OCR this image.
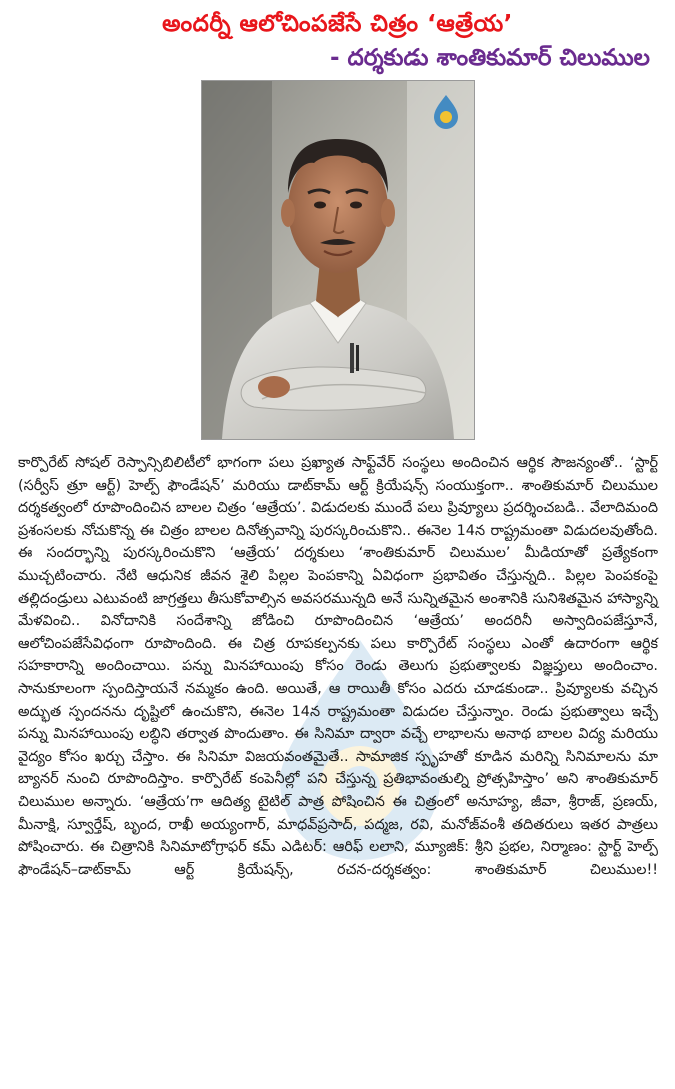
అందర్నీ ఆలోచింపజేసే చిత్రం ‘ఆత్రేయ’
- దర్శకుడు శాంతికుమార్ చిలుముల

కార్పొరేట్ సోషల్ రెస్పాన్సిబిలిటీలో భాగంగా పలు ప్రఖ్యాత సాఫ్ట్‌వేర్ సంస్థలు అందించిన ఆర్థిక సౌజన్యంతో.. ‘స్టార్ట్ (సర్వీస్ త్రూ ఆర్ట్) హెల్ప్ ఫౌండేషన్’ మరియు డాట్‌కామ్ ఆర్ట్ క్రియేషన్స్ సంయుక్తంగా.. శాంతికుమార్ చిలుముల దర్శకత్వంలో రూపొందించిన బాలల చిత్రం ‘ఆత్రేయ’. విడుదలకు ముందే పలు ప్రివ్యూలు ప్రదర్శించబడి.. వేలాదిమంది ప్రశంసలకు నోచుకొన్న ఈ చిత్రం బాలల దినోత్సవాన్ని పురస్కరించుకొని.. ఈనెల 14న రాష్ట్రమంతా విడుదలవుతోంది. ఈ సందర్భాన్ని పురస్కరించుకొని ‘ఆత్రేయ’ దర్శకులు ‘శాంతికుమార్ చిలుముల’ మీడియాతో ప్రత్యేకంగా ముచ్చటించారు. నేటి ఆధునిక జీవన శైలి పిల్లల పెంపకాన్ని ఏవిధంగా ప్రభావితం చేస్తున్నది.. పిల్లల పెంపకంపై తల్లిదండ్రులు ఎటువంటి జాగ్రత్తలు తీసుకోవాల్సిన అవసరమున్నది అనే సున్నితమైన అంశానికి సునిశితమైన హాస్యాన్ని మేళవించి.. వినోదానికి సందేశాన్ని జోడించి రూపొందించిన ‘ఆత్రేయ’ అందరినీ అస్వాదింపజేస్తూనే, ఆలోచింపజేసేవిధంగా రూపొందింది. ఈ చిత్ర రూపకల్పనకు పలు కార్పొరేట్ సంస్థలు ఎంతో ఉదారంగా ఆర్థిక సహకారాన్ని అందించాయి. పన్ను మినహాయింపు కోసం రెండు తెలుగు ప్రభుత్వాలకు విజ్ఞప్తులు అందించాం. సానుకూలంగా స్పందిస్తాయనే నమ్మకం ఉంది. అయితే, ఆ రాయితీ కోసం ఎదరు చూడకుండా.. ప్రివ్యూలకు వచ్చిన అద్భుత స్పందనను దృష్టిలో ఉంచుకొని, ఈనెల 14న రాష్ట్రమంతా విడుదల చేస్తున్నాం. రెండు ప్రభుత్వాలు ఇచ్చే పన్ను మినహాయింపు లబ్ధిని తర్వాత పొందుతాం. ఈ సినిమా ద్వారా వచ్చే లాభాలను అనాథ బాలల విద్య మరియు వైద్యం కోసం ఖర్చు చేస్తాం. ఈ సినిమా విజయవంతమైతే.. సామాజిక స్పృహతో కూడిన మరిన్ని సినిమాలను మా బ్యానర్ నుంచి రూపొందిస్తాం. కార్పొరేట్ కంపెనీల్లో పని చేస్తున్న ప్రతిభావంతుల్ని ప్రోత్సహిస్తాం’ అని శాంతికుమార్ చిలుముల అన్నారు. ‘ఆత్రేయ’గా ఆదిత్య టైటిల్ పాత్ర పోషించిన ఈ చిత్రంలో అనూహ్య, జీవా, శ్రీరాజ్, ప్రణయ్, మీనాక్షి, స్వూర్తేష్, బృంద, రాఖీ అయ్యంగార్, మాధవ్‌ప్రసాద్, పద్మజ, రవి, మనోజ్‌వంశీ తదితరులు ఇతర పాత్రలు పోషించారు. ఈ చిత్రానికి సినిమాటోగ్రాఫర్ కమ్ ఎడిటర్: ఆరిఫ్ లలాని, మ్యూజిక్: శ్రీని ప్రభల, నిర్మాణం: స్టార్ట్ హెల్ప్ ఫౌండేషన్–డాట్‌కామ్ ఆర్ట్ క్రియేషన్స్, రచన-దర్శకత్వం: శాంతికుమార్ చిలుముల!!
